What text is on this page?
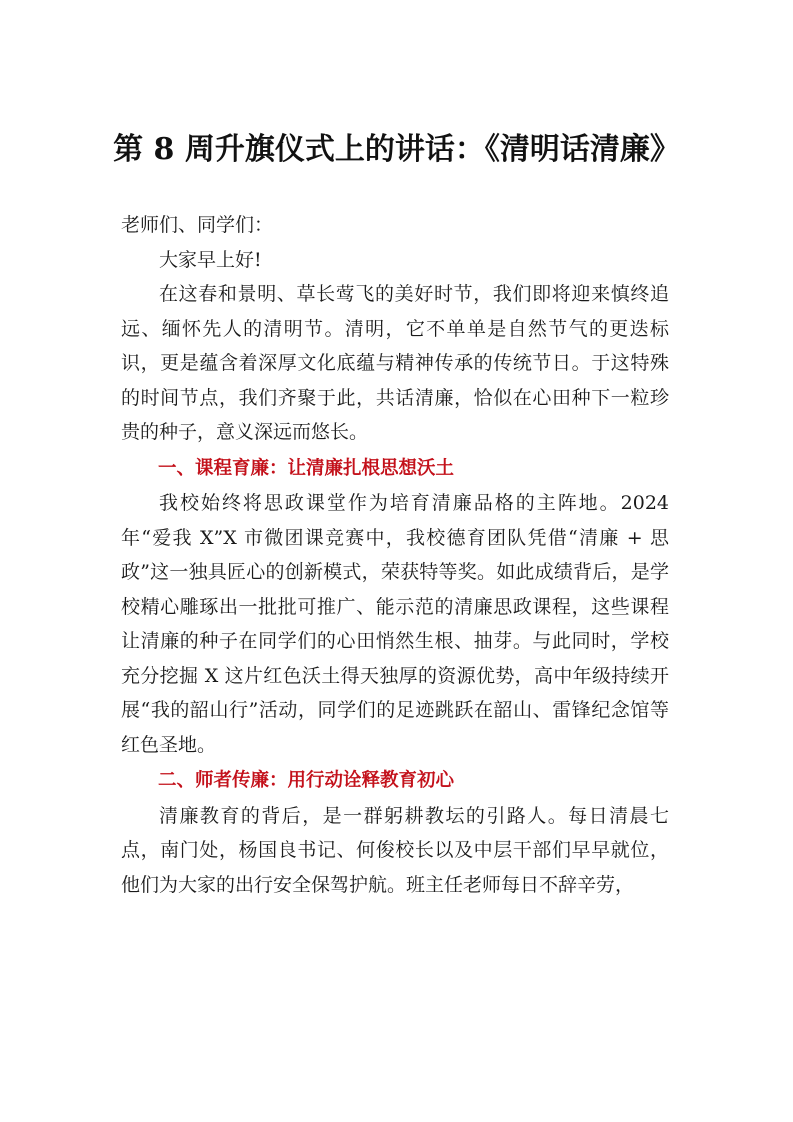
第 8 周升旗仪式上的讲话：《清明话清廉》

老师们、同学们：

大家早上好!

在这春和景明、草长莺飞的美好时节，我们即将迎来慎终追远、缅怀先人的清明节。清明，它不单单是自然节气的更迭标识，更是蕴含着深厚文化底蕴与精神传承的传统节日。于这特殊的时间节点，我们齐聚于此，共话清廉，恰似在心田种下一粒珍贵的种子，意义深远而悠长。

一、课程育廉：让清廉扎根思想沃土

我校始终将思政课堂作为培育清廉品格的主阵地。2024年“爱我 X”X 市微团课竞赛中，我校德育团队凭借“清廉 + 思政”这一独具匠心的创新模式，荣获特等奖。如此成绩背后，是学校精心雕琢出一批批可推广、能示范的清廉思政课程，这些课程让清廉的种子在同学们的心田悄然生根、抽芽。与此同时，学校充分挖掘 X 这片红色沃土得天独厚的资源优势，高中年级持续开展“我的韶山行”活动，同学们的足迹跳跃在韶山、雷锋纪念馆等红色圣地。

二、师者传廉：用行动诠释教育初心

清廉教育的背后，是一群躬耕教坛的引路人。每日清晨七点，南门处，杨国良书记、何俊校长以及中层干部们早早就位，他们为大家的出行安全保驾护航。班主任老师每日不辞辛劳，
